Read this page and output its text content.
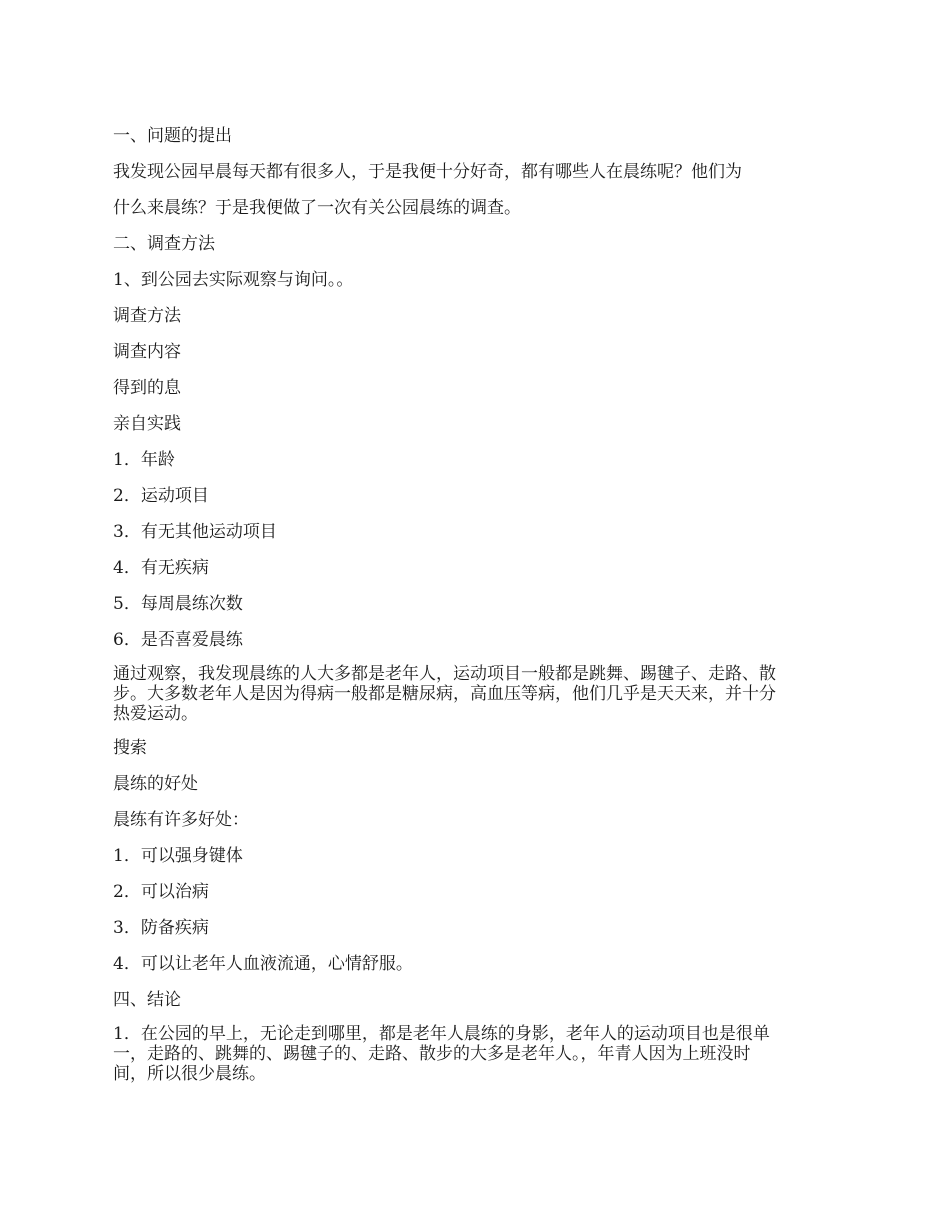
一、问题的提出

我发现公园早晨每天都有很多人，于是我便十分好奇，都有哪些人在晨练呢？他们为
什么来晨练？于是我便做了一次有关公园晨练的调查。

二、调查方法

1、到公园去实际观察与询问。。

调查方法

调查内容

得到的息

亲自实践

1．年龄

2．运动项目

3．有无其他运动项目

4．有无疾病

5．每周晨练次数

6．是否喜爱晨练

通过观察，我发现晨练的人大多都是老年人，运动项目一般都是跳舞、踢毽子、走路、散
步。大多数老年人是因为得病一般都是糖尿病，高血压等病，他们几乎是天天来，并十分
热爱运动。

搜索

晨练的好处

晨练有许多好处：

1．可以强身键体

2．可以治病

3．防备疾病

4．可以让老年人血液流通，心情舒服。

四、结论

1．在公园的早上，无论走到哪里，都是老年人晨练的身影，老年人的运动项目也是很单
一，走路的、跳舞的、踢毽子的、走路、散步的大多是老年人。，年青人因为上班没时
间，所以很少晨练。
